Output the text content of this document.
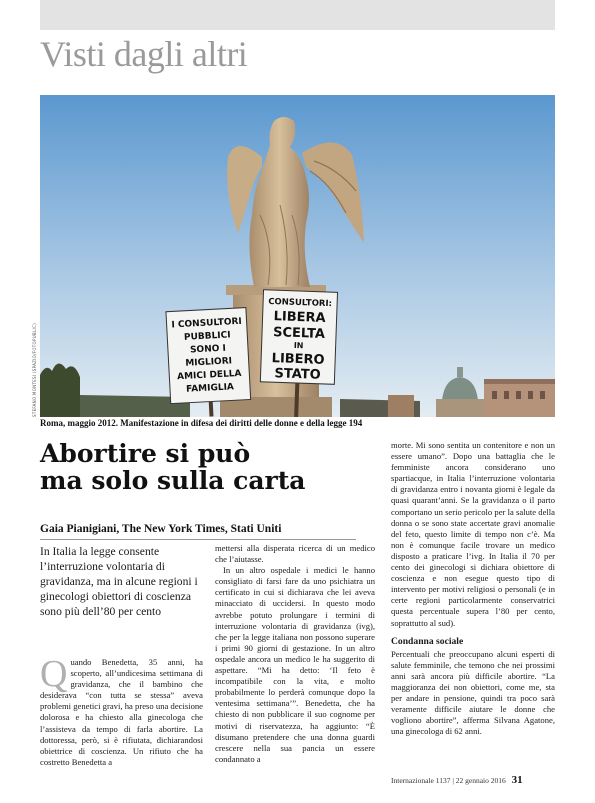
Visti dagli altri
STEFANO MONTESI (SPAZIO/FOTOPUBLIC)	I CONSULTORI
PUBBLICI
SONO I
MIGLIORI
AMICI DELLA
FAMIGLIA
CONSULTORI:
LIBERA
SCELTA
IN
LIBERO
STATO
Roma, maggio 2012. Manifestazione in difesa dei diritti delle donne e della legge 194
Abortire si può
ma solo sulla carta
Gaia Pianigiani, The New York Times, Stati Uniti
In Italia la legge consente l’interruzione volontaria di gravidanza, ma in alcune regioni i ginecologi obiettori di coscienza sono più dell’80 per cento
Q uando Benedetta, 35 anni, ha scoperto, all’undicesima settimana di gravidanza, che il bambino che desiderava “con tutta se stessa” aveva problemi genetici gravi, ha preso una decisione dolorosa e ha chiesto alla ginecologa che l’assisteva da tempo di farla abortire. La dottoressa, però, si è rifiutata, dichiarandosi obiettrice di coscienza. Un rifiuto che ha costretto Benedetta a

mettersi alla disperata ricerca di un medico che l’aiutasse.

In un altro ospedale i medici le hanno consigliato di farsi fare da uno psichiatra un certificato in cui si dichiarava che lei aveva minacciato di uccidersi. In questo modo avrebbe potuto prolungare i termini di interruzione volontaria di gravidanza (ivg), che per la legge italiana non possono superare i primi 90 giorni di gestazione. In un altro ospedale ancora un medico le ha suggerito di aspettare. “Mi ha detto: ‘Il feto è incompatibile con la vita, e molto probabilmente lo perderà comunque dopo la ventesima settimana’”. Benedetta, che ha chiesto di non pubblicare il suo cognome per motivi di riservatezza, ha aggiunto: “È disumano pretendere che una donna guardi crescere nella sua pancia un essere condannato a

morte. Mi sono sentita un contenitore e non un essere umano”. Dopo una battaglia che le femministe ancora considerano uno spartiacque, in Italia l’interruzione volontaria di gravidanza entro i novanta giorni è legale da quasi quarant’anni. Se la gravidanza o il parto comportano un serio pericolo per la salute della donna o se sono state accertate gravi anomalie del feto, questo limite di tempo non c’è. Ma non è comunque facile trovare un medico disposto a praticare l’ivg. In Italia il 70 per cento dei ginecologi si dichiara obiettore di coscienza e non esegue questo tipo di intervento per motivi religiosi o personali (e in certe regioni particolarmente conservatrici questa percentuale supera l’80 per cento, soprattutto al sud).

Condanna sociale

Percentuali che preoccupano alcuni esperti di salute femminile, che temono che nei prossimi anni sarà ancora più difficile abortire. “La maggioranza dei non obiettori, come me, sta per andare in pensione, quindi tra poco sarà veramente difficile aiutare le donne che vogliono abortire”, afferma Silvana Agatone, una ginecologa di 62 anni.

Internazionale 1137 | 22 gennaio 2016 31
